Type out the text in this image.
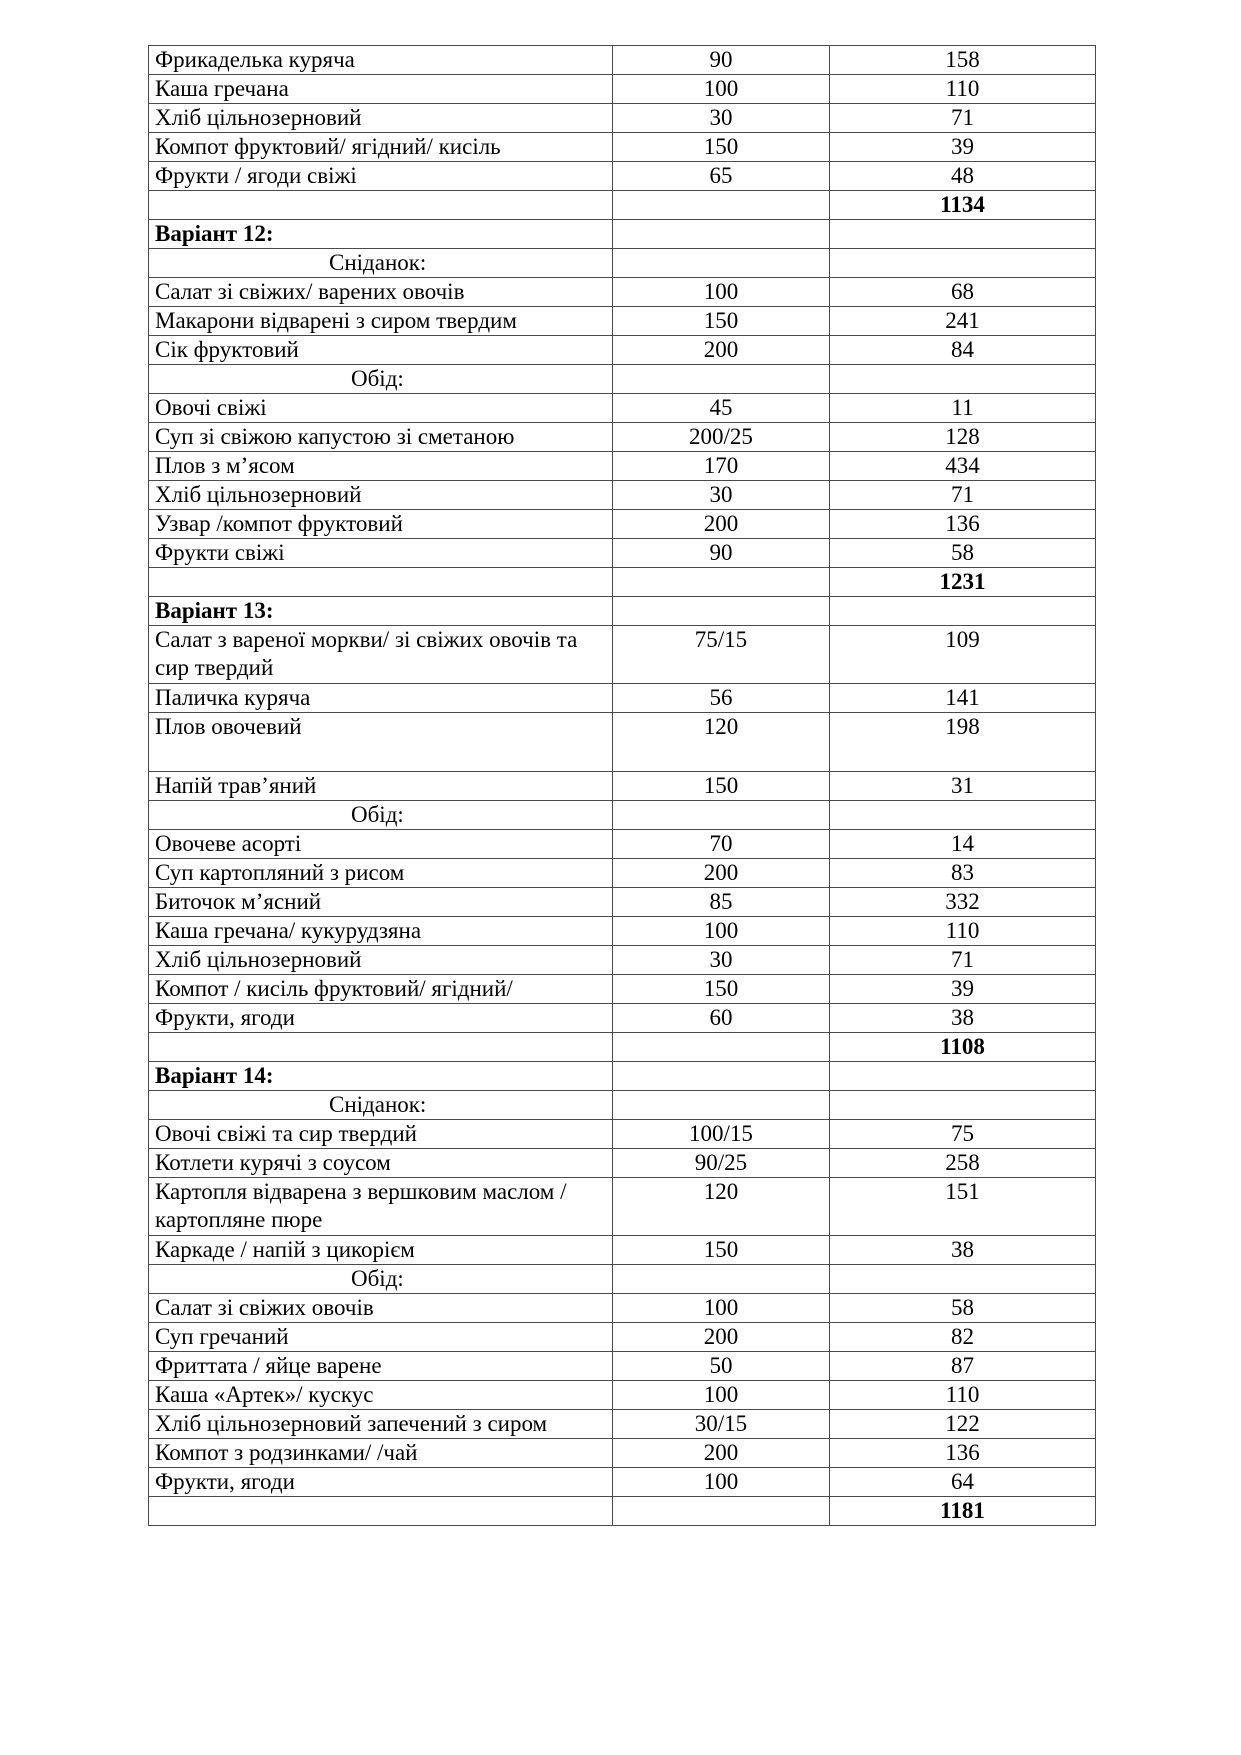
Фрикаделька куряча	90	158
Каша гречана	100	110
Хліб цільнозерновий	30	71
Компот фруктовий/ ягідний/ кисіль	150	39
Фрукти / ягоди свіжі	65	48
		1134
Варіант 12:		
Сніданок:		
Салат зі свіжих/ варених овочів	100	68
Макарони відварені з сиром твердим	150	241
Сік фруктовий	200	84
Обід:		
Овочі свіжі	45	11
Суп зі свіжою капустою зі сметаною	200/25	128
Плов з м’ясом	170	434
Хліб цільнозерновий	30	71
Узвар /компот фруктовий	200	136
Фрукти свіжі	90	58
		1231
Варіант 13:		
Салат з вареної моркви/ зі свіжих овочів та сир твердий	75/15	109
Паличка куряча	56	141
Плов овочевий	120	198
Напій трав’яний	150	31
Обід:		
Овочеве асорті	70	14
Суп картопляний з рисом	200	83
Биточок м’ясний	85	332
Каша гречана/ кукурудзяна	100	110
Хліб цільнозерновий	30	71
Компот / кисіль фруктовий/ ягідний/	150	39
Фрукти, ягоди	60	38
		1108
Варіант 14:		
Сніданок:		
Овочі свіжі та сир твердий	100/15	75
Котлети курячі з соусом	90/25	258
Картопля відварена з вершковим маслом / картопляне пюре	120	151
Каркаде / напій з цикорієм	150	38
Обід:		
Салат зі свіжих овочів	100	58
Суп гречаний	200	82
Фриттата / яйце варене	50	87
Каша «Артек»/ кускус	100	110
Хліб цільнозерновий запечений з сиром	30/15	122
Компот з родзинками/ /чай	200	136
Фрукти, ягоди	100	64
		1181
